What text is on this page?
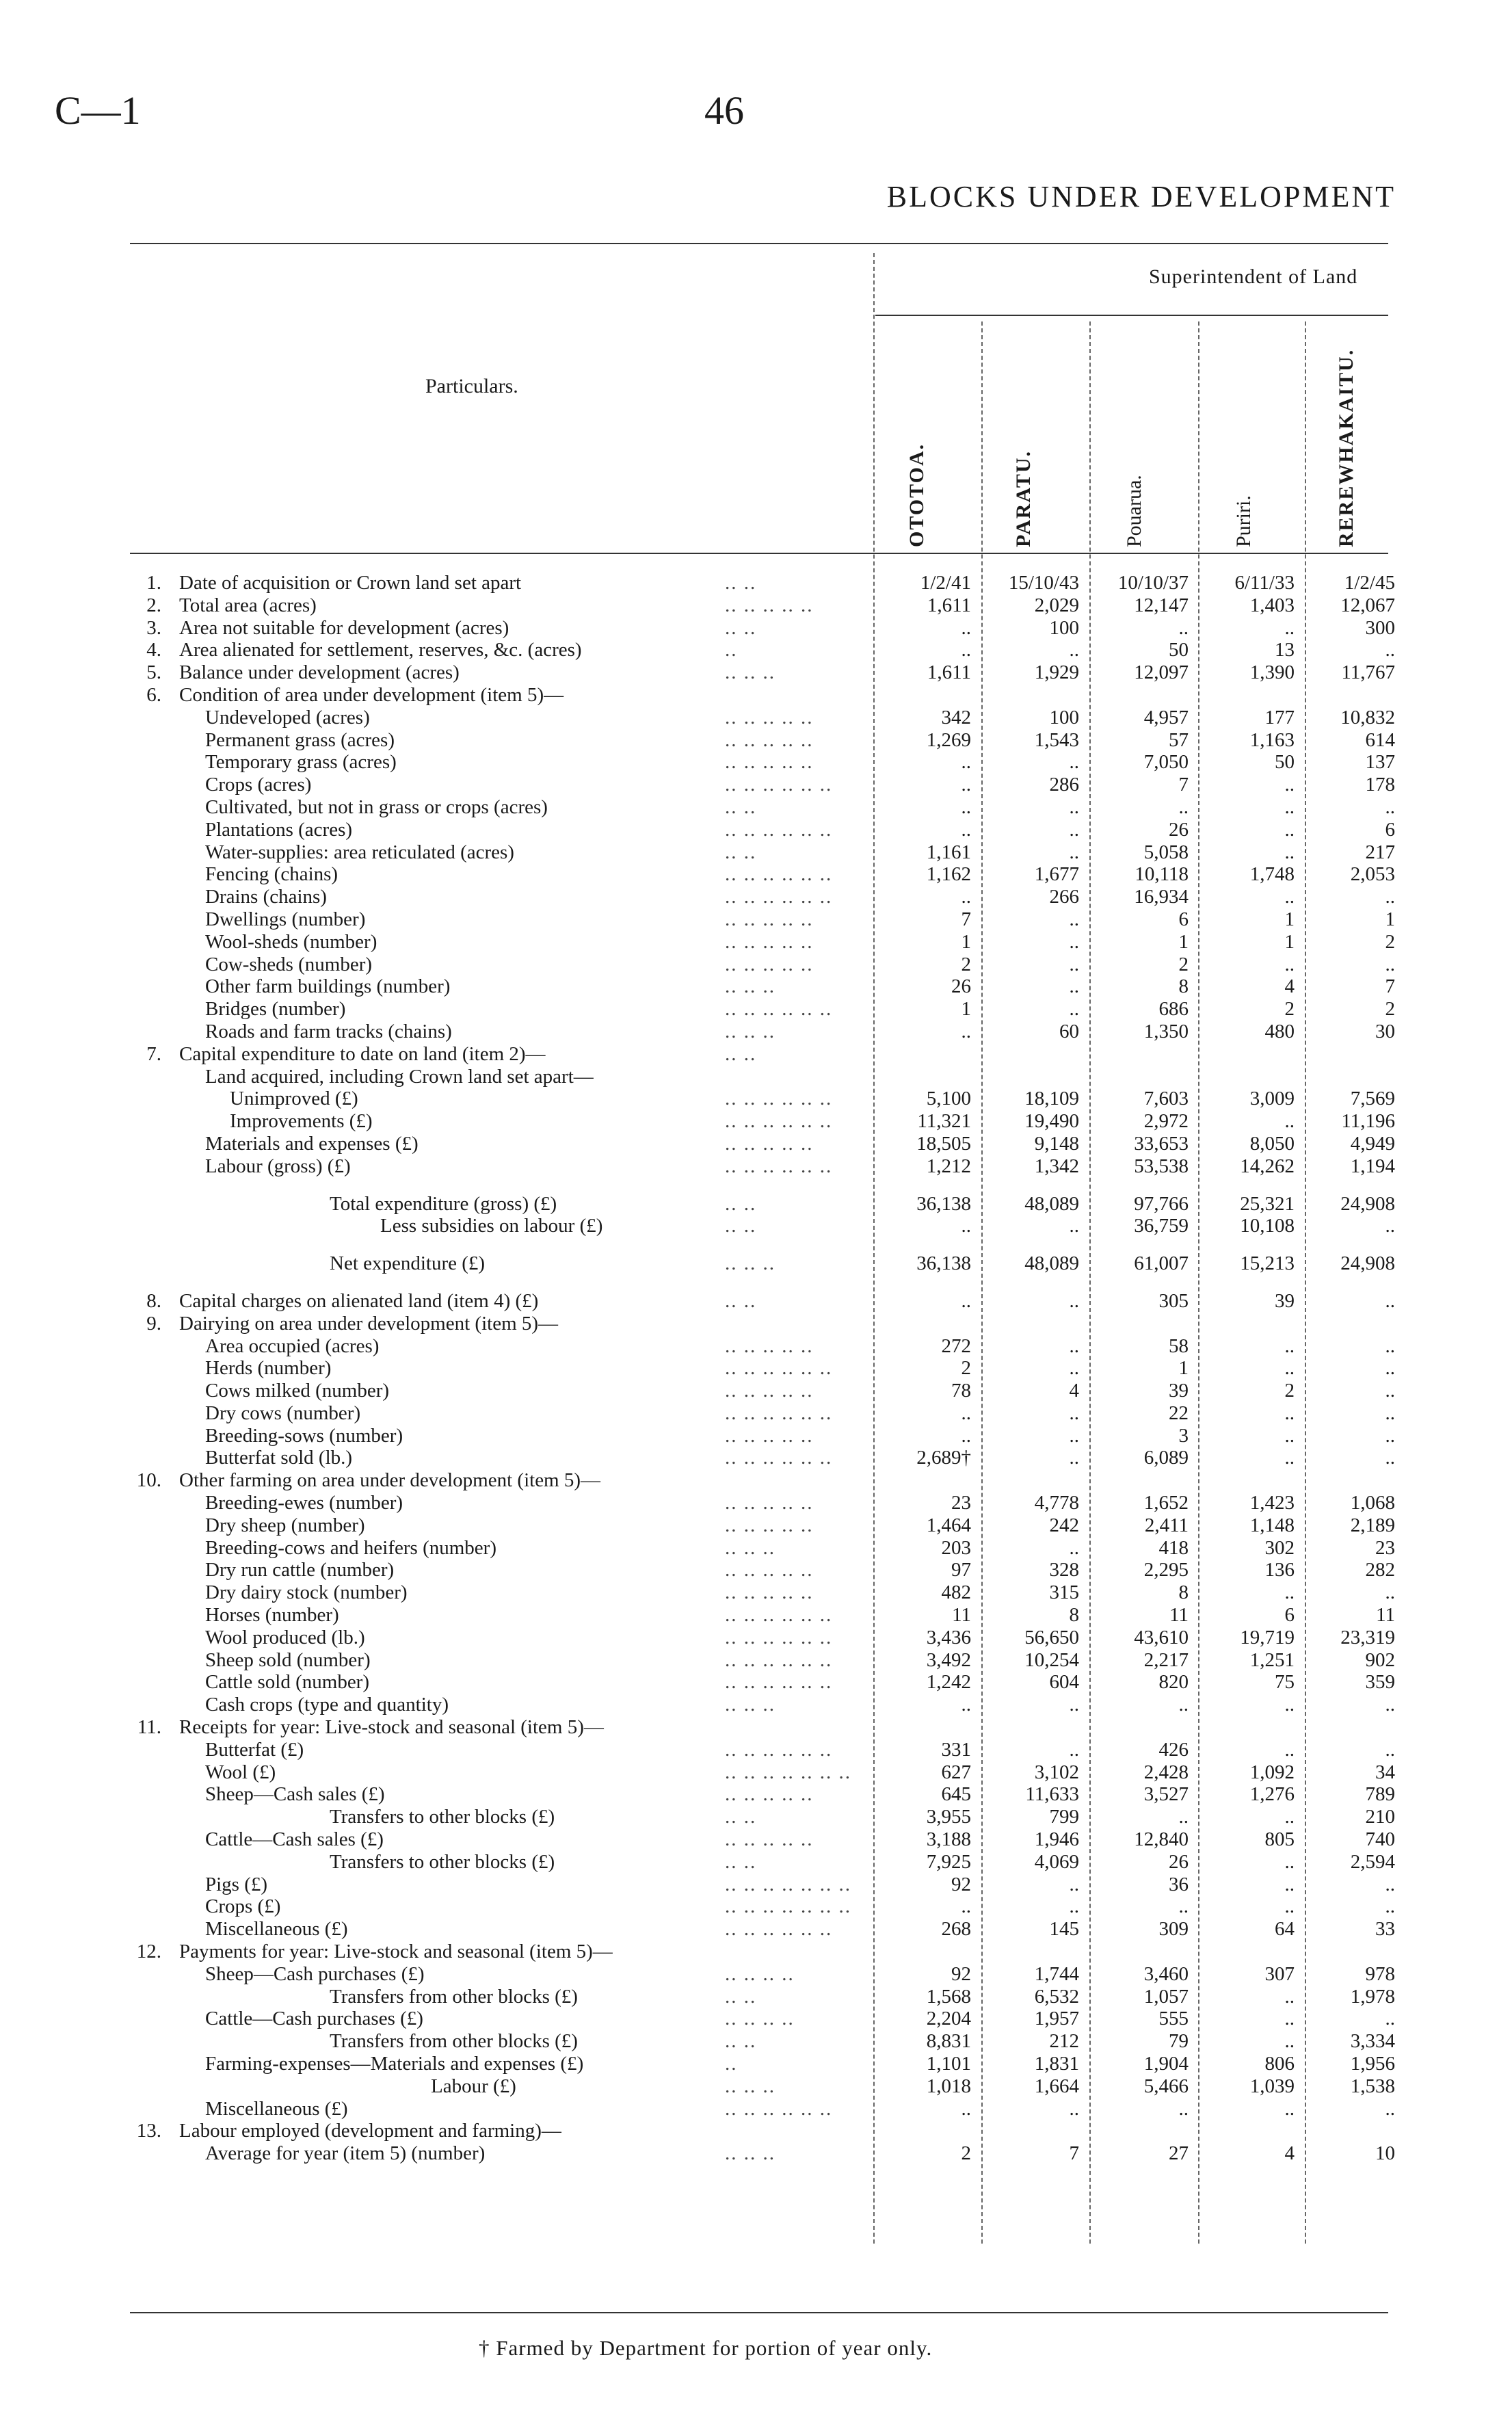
C—1	46
BLOCKS UNDER DEVELOPMENT
Superintendent of Land
Particulars.
OTOTOA.	PARATU.	Pouarua.	Puriri.	REREWHAKAITU.
1. Date of acquisition or Crown land set apart	.. ..	1/2/41	15/10/43	10/10/37	6/11/33	1/2/45
2. Total area (acres)	.. .. .. .. ..	1,611	2,029	12,147	1,403	12,067
3. Area not suitable for development (acres)	.. ..	..	100	..	..	300
4. Area alienated for settlement, reserves, &c. (acres)	..	..	..	50	13	..
5. Balance under development (acres)	.. .. ..	1,611	1,929	12,097	1,390	11,767
6. Condition of area under development (item 5)—
Undeveloped (acres)	.. .. .. .. ..	342	100	4,957	177	10,832
Permanent grass (acres)	.. .. .. .. ..	1,269	1,543	57	1,163	614
Temporary grass (acres)	.. .. .. .. ..	..	..	7,050	50	137
Crops (acres)	.. .. .. .. .. ..	..	286	7	..	178
Cultivated, but not in grass or crops (acres)	.. ..	..	..	..	..	..
Plantations (acres)	.. .. .. .. .. ..	..	..	26	..	6
Water-supplies: area reticulated (acres)	.. ..	1,161	..	5,058	..	217
Fencing (chains)	.. .. .. .. .. ..	1,162	1,677	10,118	1,748	2,053
Drains (chains)	.. .. .. .. .. ..	..	266	16,934	..	..
Dwellings (number)	.. .. .. .. ..	7	..	6	1	1
Wool-sheds (number)	.. .. .. .. ..	1	..	1	1	2
Cow-sheds (number)	.. .. .. .. ..	2	..	2	..	..
Other farm buildings (number)	.. .. ..	26	..	8	4	7
Bridges (number)	.. .. .. .. .. ..	1	..	686	2	2
Roads and farm tracks (chains)	.. .. ..	..	60	1,350	480	30
7. Capital expenditure to date on land (item 2)—	.. ..
Land acquired, including Crown land set apart—
Unimproved (£)	.. .. .. .. .. ..	5,100	18,109	7,603	3,009	7,569
Improvements (£)	.. .. .. .. .. ..	11,321	19,490	2,972	..	11,196
Materials and expenses (£)	.. .. .. .. ..	18,505	9,148	33,653	8,050	4,949
Labour (gross) (£)	.. .. .. .. .. ..	1,212	1,342	53,538	14,262	1,194
Total expenditure (gross) (£)	.. ..	36,138	48,089	97,766	25,321	24,908
Less subsidies on labour (£)	.. ..	..	..	36,759	10,108	..
Net expenditure (£)	.. .. ..	36,138	48,089	61,007	15,213	24,908
8. Capital charges on alienated land (item 4) (£)	.. ..	..	..	305	39	..
9. Dairying on area under development (item 5)—
Area occupied (acres)	.. .. .. .. ..	272	..	58	..	..
Herds (number)	.. .. .. .. .. ..	2	..	1	..	..
Cows milked (number)	.. .. .. .. ..	78	4	39	2	..
Dry cows (number)	.. .. .. .. .. ..	..	..	22	..	..
Breeding-sows (number)	.. .. .. .. ..	..	..	3	..	..
Butterfat sold (lb.)	.. .. .. .. .. ..	2,689†	..	6,089	..	..
10. Other farming on area under development (item 5)—
Breeding-ewes (number)	.. .. .. .. ..	23	4,778	1,652	1,423	1,068
Dry sheep (number)	.. .. .. .. ..	1,464	242	2,411	1,148	2,189
Breeding-cows and heifers (number)	.. .. ..	203	..	418	302	23
Dry run cattle (number)	.. .. .. .. ..	97	328	2,295	136	282
Dry dairy stock (number)	.. .. .. .. ..	482	315	8	..	..
Horses (number)	.. .. .. .. .. ..	11	8	11	6	11
Wool produced (lb.)	.. .. .. .. .. ..	3,436	56,650	43,610	19,719	23,319
Sheep sold (number)	.. .. .. .. .. ..	3,492	10,254	2,217	1,251	902
Cattle sold (number)	.. .. .. .. .. ..	1,242	604	820	75	359
Cash crops (type and quantity)	.. .. ..	..	..	..	..	..
11. Receipts for year: Live-stock and seasonal (item 5)—
Butterfat (£)	.. .. .. .. .. ..	331	..	426	..	..
Wool (£)	.. .. .. .. .. .. ..	627	3,102	2,428	1,092	34
Sheep—Cash sales (£)	.. .. .. .. ..	645	11,633	3,527	1,276	789
Transfers to other blocks (£)	.. ..	3,955	799	..	..	210
Cattle—Cash sales (£)	.. .. .. .. ..	3,188	1,946	12,840	805	740
Transfers to other blocks (£)	.. ..	7,925	4,069	26	..	2,594
Pigs (£)	.. .. .. .. .. .. ..	92	..	36	..	..
Crops (£)	.. .. .. .. .. .. ..	..	..	..	..	..
Miscellaneous (£)	.. .. .. .. .. ..	268	145	309	64	33
12. Payments for year: Live-stock and seasonal (item 5)—
Sheep—Cash purchases (£)	.. .. .. ..	92	1,744	3,460	307	978
Transfers from other blocks (£)	.. ..	1,568	6,532	1,057	..	1,978
Cattle—Cash purchases (£)	.. .. .. ..	2,204	1,957	555	..	..
Transfers from other blocks (£)	.. ..	8,831	212	79	..	3,334
Farming-expenses—Materials and expenses (£)	..	1,101	1,831	1,904	806	1,956
Labour (£)	.. .. ..	1,018	1,664	5,466	1,039	1,538
Miscellaneous (£)	.. .. .. .. .. ..	..	..	..	..	..
13. Labour employed (development and farming)—
Average for year (item 5) (number)	.. .. ..	2	7	27	4	10
† Farmed by Department for portion of year only.
